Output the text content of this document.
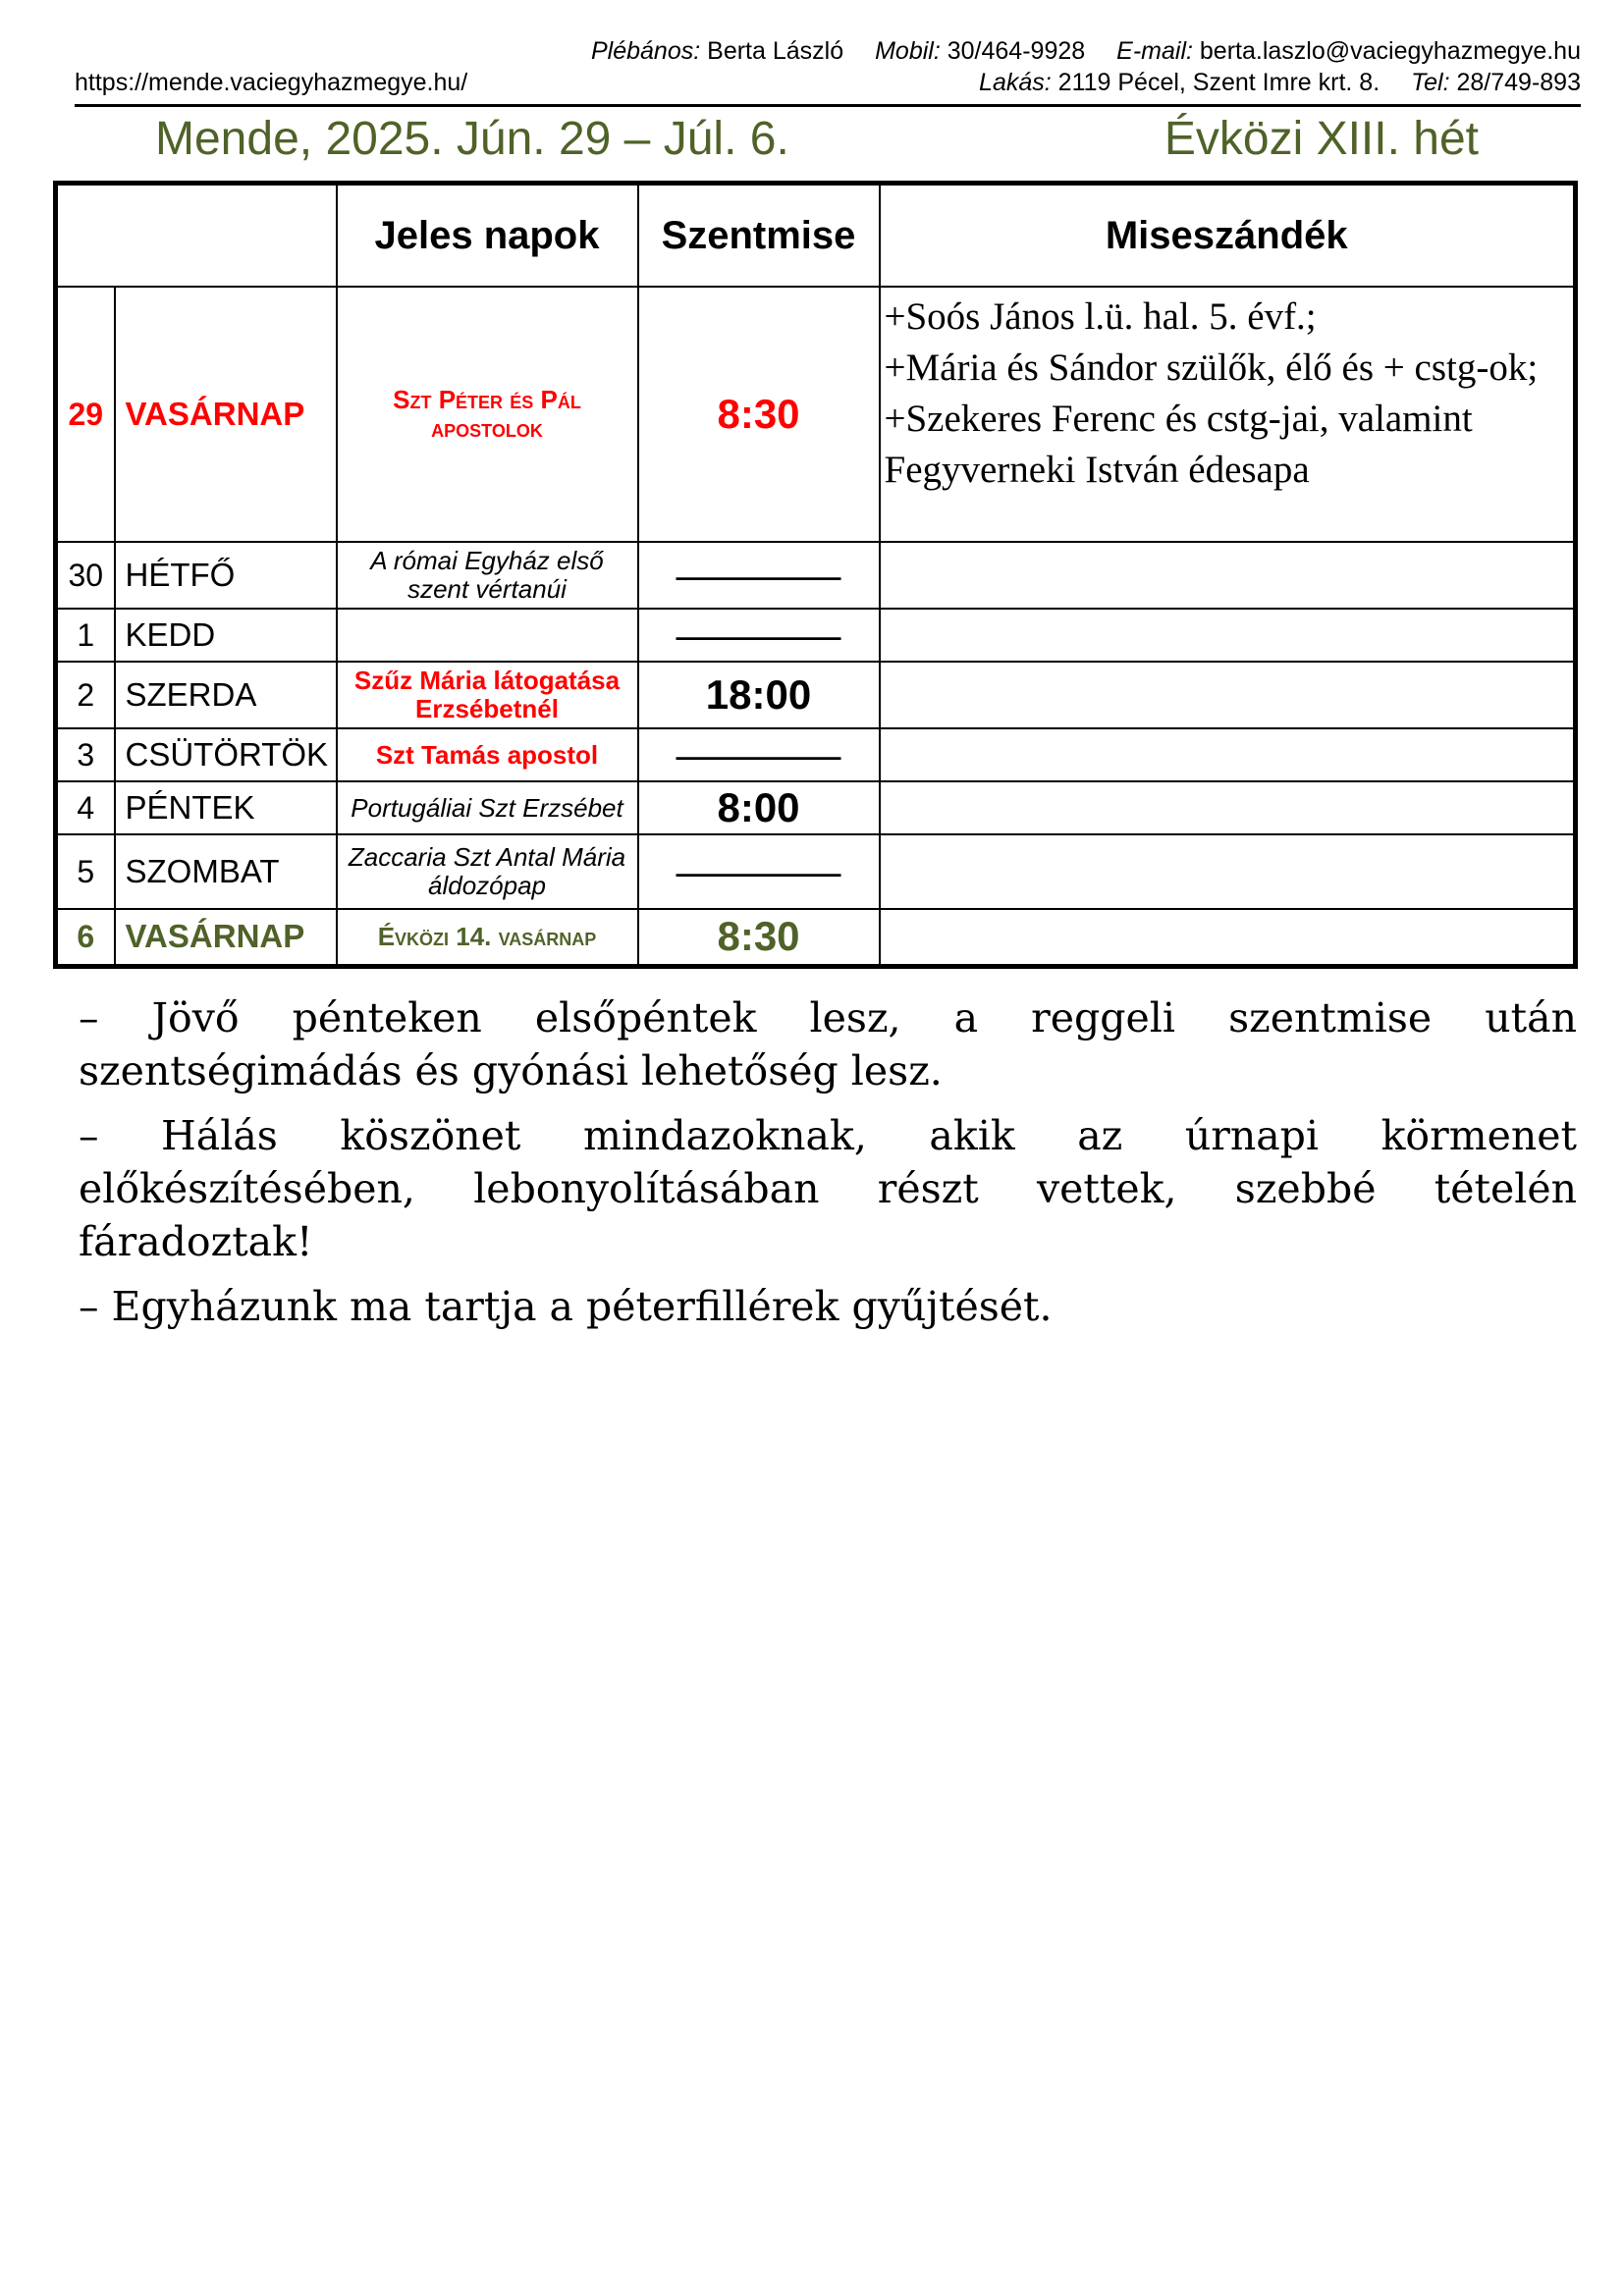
Plébános: Berta László Mobil: 30/464-9928 E-mail: berta.laszlo@vaciegyhazmegye.hu
https://mende.vaciegyhazmegye.hu/	Lakás: 2119 Pécel, Szent Imre krt. 8. Tel: 28/749-893
Mende, 2025. Jún. 29 – Júl. 6.	Évközi XIII. hét
		Jeles napok	Szentmise	Miseszándék
29	VASÁRNAP	Szt Péter és Pál apostolok	8:30	+Soós János l.ü. hal. 5. évf.;
+Mária és Sándor szülők, élő és + cstg-ok;
+Szekeres Ferenc és cstg-jai, valamint Fegyverneki István édesapa

30	HÉTFŐ	A római Egyház első szent vértanúi	————	
1	KEDD		————	
2	SZERDA	Szűz Mária látogatása Erzsébetnél	18:00	
3	CSÜTÖRTÖK	Szt Tamás apostol	————	
4	PÉNTEK	Portugáliai Szt Erzsébet	8:00	
5	SZOMBAT	Zaccaria Szt Antal Mária áldozópap	————	
6	VASÁRNAP	Évközi 14. vasárnap	8:30	

– Jövő pénteken elsőpéntek lesz, a reggeli szentmise után szentségimádás és gyónási lehetőség lesz.

– Hálás köszönet mindazoknak, akik az úrnapi körmenet előkészítésében, lebonyolításában részt vettek, szebbé tételén fáradoztak!

– Egyházunk ma tartja a péterfillérek gyűjtését.
